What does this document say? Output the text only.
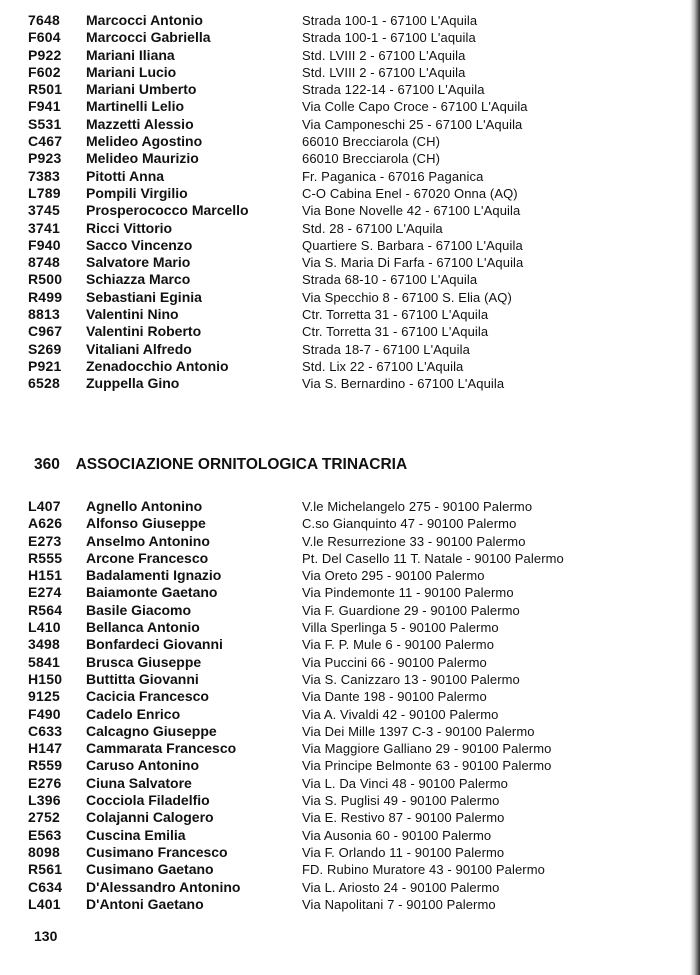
7648	Marcocci Antonio	Strada 100-1 - 67100 L'Aquila
F604	Marcocci Gabriella	Strada 100-1 - 67100 L'aquila
P922	Mariani Iliana	Std. LVIII 2 - 67100 L'Aquila
F602	Mariani Lucio	Std. LVIII 2 - 67100 L'Aquila
R501	Mariani Umberto	Strada 122-14 - 67100 L'Aquila
F941	Martinelli Lelio	Via Colle Capo Croce - 67100 L'Aquila
S531	Mazzetti Alessio	Via Camponeschi 25 - 67100 L'Aquila
C467	Melideo Agostino	66010 Brecciarola (CH)
P923	Melideo Maurizio	66010 Brecciarola (CH)
7383	Pitotti Anna	Fr. Paganica - 67016 Paganica
L789	Pompili Virgilio	C-O Cabina Enel - 67020 Onna (AQ)
3745	Prosperococco Marcello	Via Bone Novelle 42 - 67100 L'Aquila
3741	Ricci Vittorio	Std. 28 - 67100 L'Aquila
F940	Sacco Vincenzo	Quartiere S. Barbara - 67100 L'Aquila
8748	Salvatore Mario	Via S. Maria Di Farfa - 67100 L'Aquila
R500	Schiazza Marco	Strada 68-10 - 67100 L'Aquila
R499	Sebastiani Eginia	Via Specchio 8 - 67100 S. Elia (AQ)
8813	Valentini Nino	Ctr. Torretta 31 - 67100 L'Aquila
C967	Valentini Roberto	Ctr. Torretta 31 - 67100 L'Aquila
S269	Vitaliani Alfredo	Strada 18-7 - 67100 L'Aquila
P921	Zenadocchio Antonio	Std. Lix 22 - 67100 L'Aquila
6528	Zuppella Gino	Via S. Bernardino - 67100 L'Aquila
360 ASSOCIAZIONE ORNITOLOGICA TRINACRIA
L407	Agnello Antonino	V.le Michelangelo 275 - 90100 Palermo
A626	Alfonso Giuseppe	C.so Gianquinto 47 - 90100 Palermo
E273	Anselmo Antonino	V.le Resurrezione 33 - 90100 Palermo
R555	Arcone Francesco	Pt. Del Casello 11 T. Natale - 90100 Palermo
H151	Badalamenti Ignazio	Via Oreto 295 - 90100 Palermo
E274	Baiamonte Gaetano	Via Pindemonte 11 - 90100 Palermo
R564	Basile Giacomo	Via F. Guardione 29 - 90100 Palermo
L410	Bellanca Antonio	Villa Sperlinga 5 - 90100 Palermo
3498	Bonfardeci Giovanni	Via F. P. Mule 6 - 90100 Palermo
5841	Brusca Giuseppe	Via Puccini 66 - 90100 Palermo
H150	Buttitta Giovanni	Via S. Canizzaro 13 - 90100 Palermo
9125	Cacicia Francesco	Via Dante 198 - 90100 Palermo
F490	Cadelo Enrico	Via A. Vivaldi 42 - 90100 Palermo
C633	Calcagno Giuseppe	Via Dei Mille 1397 C-3 - 90100 Palermo
H147	Cammarata Francesco	Via Maggiore Galliano 29 - 90100 Palermo
R559	Caruso Antonino	Via Principe Belmonte 63 - 90100 Palermo
E276	Ciuna Salvatore	Via L. Da Vinci 48 - 90100 Palermo
L396	Cocciola Filadelfio	Via S. Puglisi 49 - 90100 Palermo
2752	Colajanni Calogero	Via E. Restivo 87 - 90100 Palermo
E563	Cuscina Emilia	Via Ausonia 60 - 90100 Palermo
8098	Cusimano Francesco	Via F. Orlando 11 - 90100 Palermo
R561	Cusimano Gaetano	FD. Rubino Muratore 43 - 90100 Palermo
C634	D'Alessandro Antonino	Via L. Ariosto 24 - 90100 Palermo
L401	D'Antoni Gaetano	Via Napolitani 7 - 90100 Palermo
130
